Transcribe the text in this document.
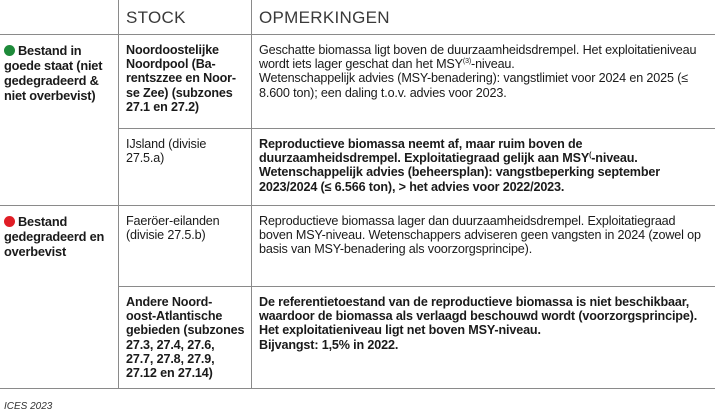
STOCK	OPMERKINGEN
Bestand in goede staat (niet gedegradeerd & niet overbevist)
Bestand gedegradeerd en overbevist

Noordoostelijke

Noordpool (Ba-

rentszzee en Noor-

se Zee) (subzones

27.1 en 27.2)

Geschatte biomassa ligt boven de duurzaamheidsdrempel. Het exploitatieniveau wordt iets lager geschat dan het MSY$^{(3)}$-niveau.

Wetenschappelijk advies (MSY-benadering): vangstlimiet voor 2024 en 2025 (≤ 8.600 ton); een daling t.o.v. advies voor 2023.

IJsland (divisie

27.5.a)

Reproductieve biomassa neemt af, maar ruim boven de duurzaamheidsdrempel. Exploitatiegraad gelijk aan MSY(-niveau.

Wetenschappelijk advies (beheersplan): vangstbeperking september 2023/2024 (≤ 6.566 ton), > het advies voor 2022/2023.

Faeröer-eilanden

(divisie 27.5.b)

Reproductieve biomassa lager dan duurzaamheidsdrempel. Exploitatiegraad boven MSY-niveau. Wetenschappers adviseren geen vangsten in 2024 (zowel op basis van MSY-benadering als voorzorgsprincipe).

Andere Noord-

oost-Atlantische

gebieden (subzones

27.3, 27.4, 27.6,

27.7, 27.8, 27.9,

27.12 en 27.14)

De referentietoestand van de reproductieve biomassa is niet beschikbaar, waardoor de biomassa als verlaagd beschouwd wordt (voorzorgsprincipe). Het exploitatieniveau ligt net boven MSY-niveau.

Bijvangst: 1,5% in 2022.

ICES 2023
